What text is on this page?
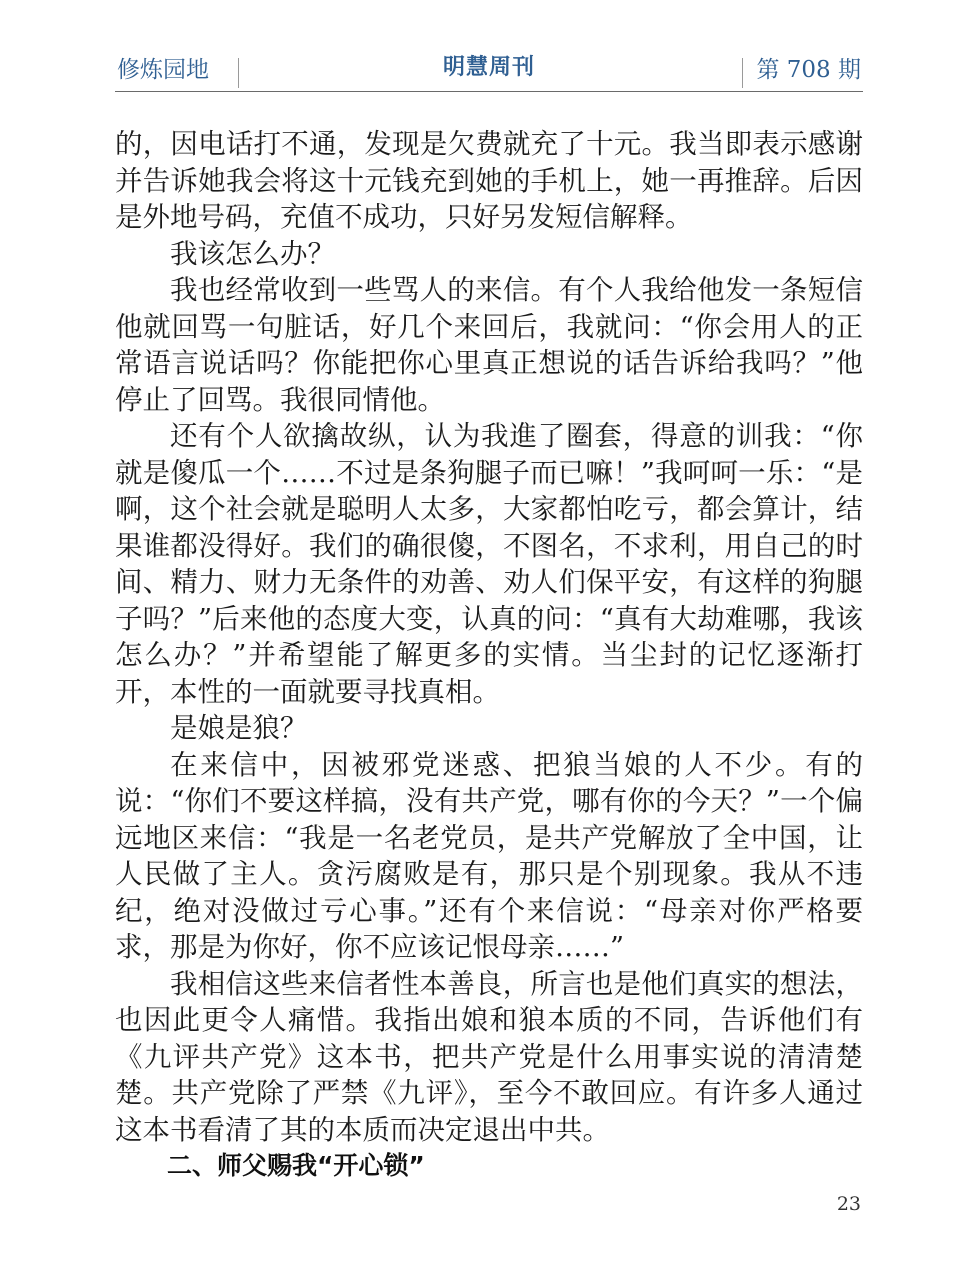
修炼园地	明慧周刊	第 708 期

的，因电话打不通，发现是欠费就充了十元。我当即表示感谢并告诉她我会将这十元钱充到她的手机上，她一再推辞。后因是外地号码，充值不成功，只好另发短信解释。

我该怎么办？

我也经常收到一些骂人的来信。有个人我给他发一条短信他就回骂一句脏话，好几个来回后，我就问：“你会用人的正常语言说话吗？你能把你心里真正想说的话告诉给我吗？”他停止了回骂。我很同情他。

还有个人欲擒故纵，认为我進了圈套，得意的训我：“你就是傻瓜一个……不过是条狗腿子而已嘛！”我呵呵一乐：“是啊，这个社会就是聪明人太多，大家都怕吃亏，都会算计，结果谁都没得好。我们的确很傻，不图名，不求利，用自己的时间、精力、财力无条件的劝善、劝人们保平安，有这样的狗腿子吗？”后来他的态度大变，认真的问：“真有大劫难哪，我该怎么办？”并希望能了解更多的实情。当尘封的记忆逐渐打开，本性的一面就要寻找真相。

是娘是狼？

在来信中，因被邪党迷惑、把狼当娘的人不少。有的说：“你们不要这样搞，没有共产党，哪有你的今天？”一个偏远地区来信：“我是一名老党员，是共产党解放了全中国，让人民做了主人。贪污腐败是有，那只是个别现象。我从不违纪，绝对没做过亏心事。”还有个来信说：“母亲对你严格要求，那是为你好，你不应该记恨母亲……”

我相信这些来信者性本善良，所言也是他们真实的想法，也因此更令人痛惜。我指出娘和狼本质的不同，告诉他们有《九评共产党》这本书，把共产党是什么用事实说的清清楚楚。共产党除了严禁《九评》，至今不敢回应。有许多人通过这本书看清了其的本质而决定退出中共。

二、师父赐我“开心锁”
23
